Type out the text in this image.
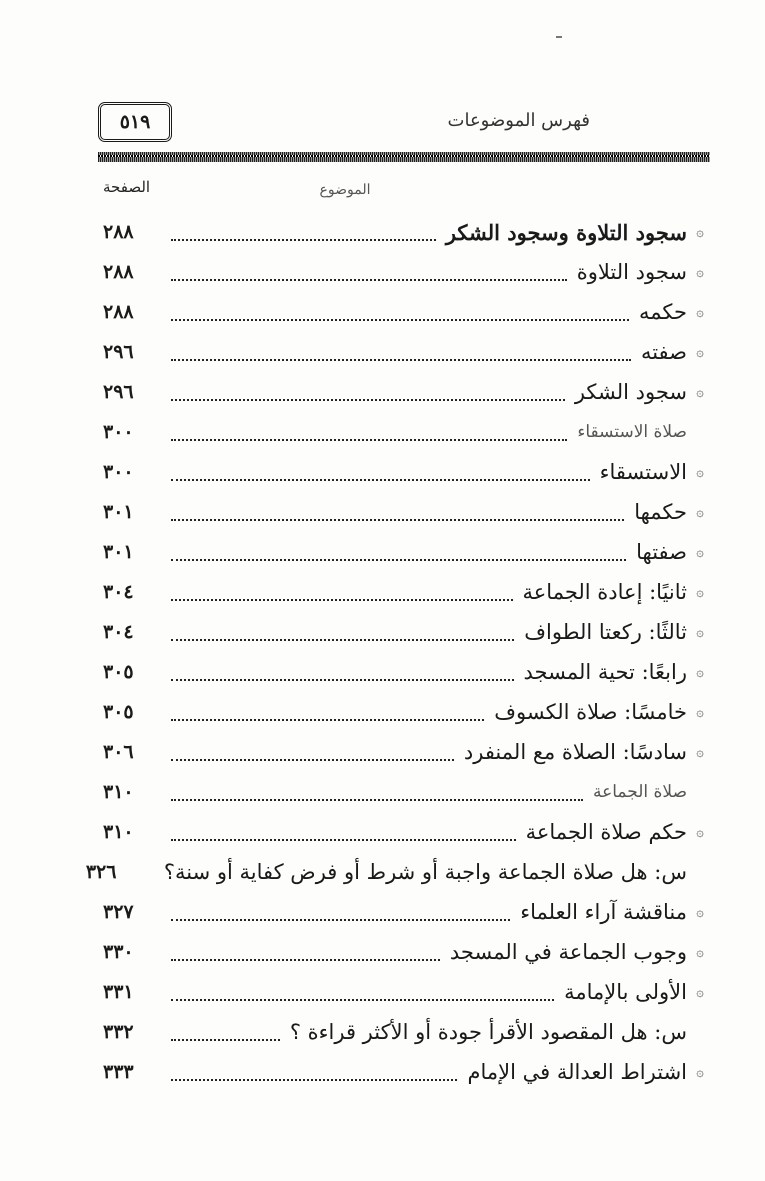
٥١٩	فهرس الموضوعات
الصفحة	الموضوع
۞
سجود التلاوة وسجود الشكر
٢٨٨
۞
سجود التلاوة
٢٨٨
۞
حكمه
٢٨٨
۞
صفته
٢٩٦
۞
سجود الشكر
٢٩٦
صلاة الاستسقاء
٣٠٠
۞
الاستسقاء
٣٠٠
۞
حكمها
٣٠١
۞
صفتها
٣٠١
۞
ثانيًا: إعادة الجماعة
٣٠٤
۞
ثالثًا: ركعتا الطواف
٣٠٤
۞
رابعًا: تحية المسجد
٣٠٥
۞
خامسًا: صلاة الكسوف
٣٠٥
۞
سادسًا: الصلاة مع المنفرد
٣٠٦
صلاة الجماعة
٣١٠
۞
حكم صلاة الجماعة
٣١٠
س: هل صلاة الجماعة واجبة أو شرط أو فرض كفاية أو سنة؟
٣٢٦
۞
مناقشة آراء العلماء
٣٢٧
۞
وجوب الجماعة في المسجد
٣٣٠
۞
الأولى بالإمامة
٣٣١
س: هل المقصود الأقرأ جودة أو الأكثر قراءة ؟
٣٣٢
۞
اشتراط العدالة في الإمام
٣٣٣
